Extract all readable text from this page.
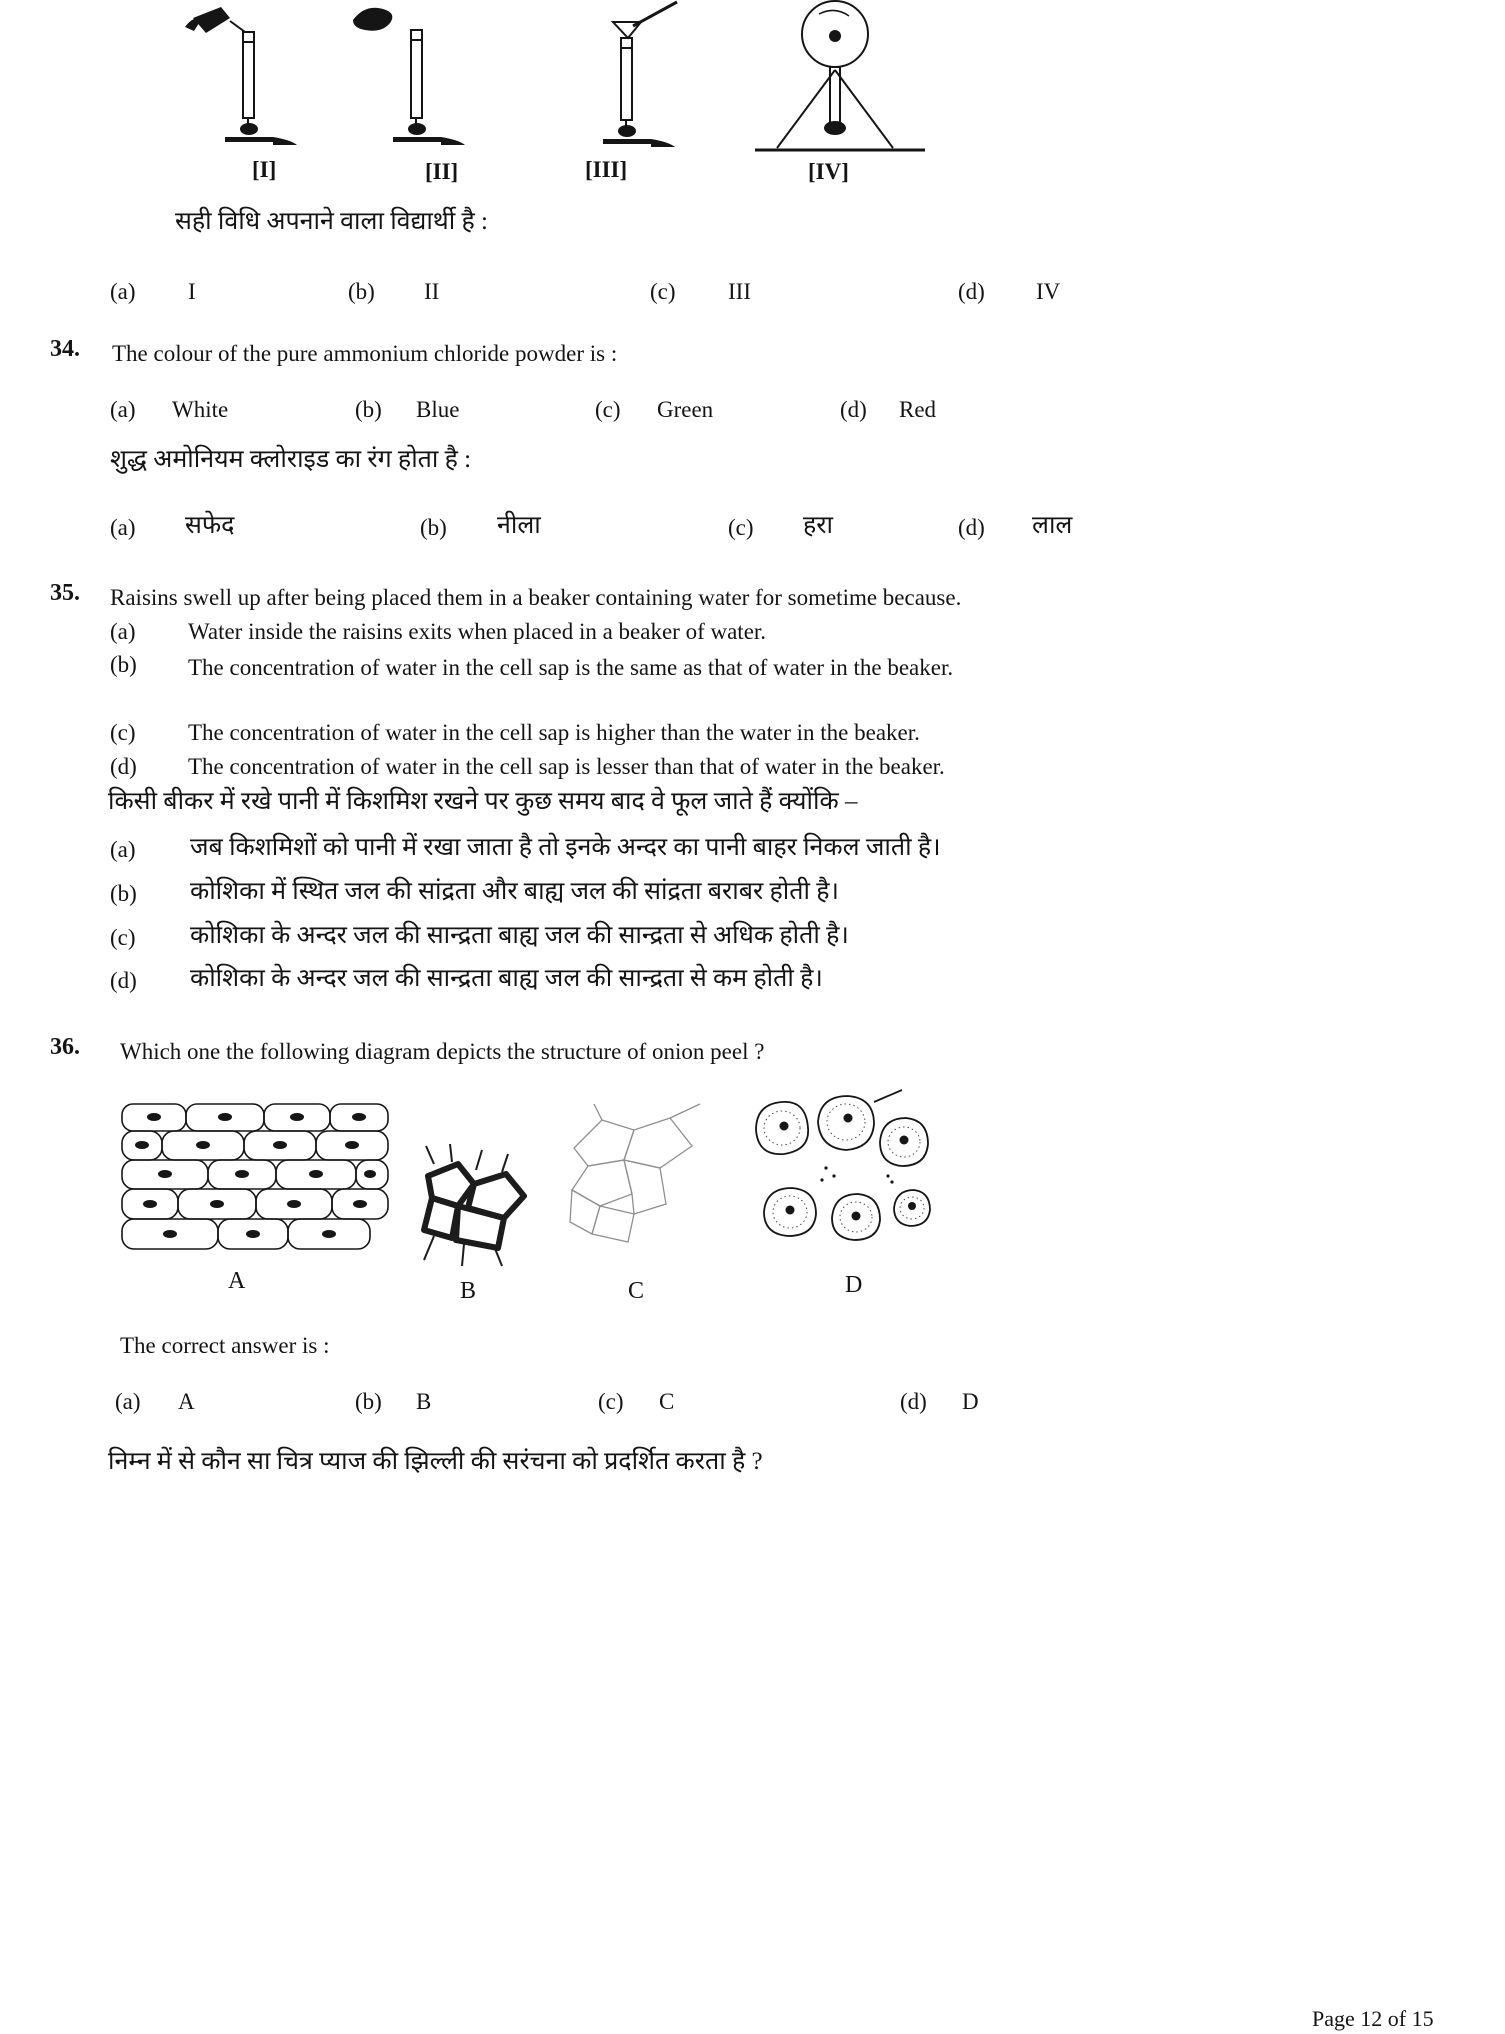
[I]	[II]	[III]	[IV]
सही विधि अपनाने वाला विद्यार्थी है :
(a) I	(b) II	(c) III	(d) IV
34. The colour of the pure ammonium chloride powder is :
(a) White	(b) Blue	(c) Green	(d) Red
शुद्ध अमोनियम क्लोराइड का रंग होता है :
(a) सफेद	(b) नीला	(c) हरा	(d) लाल
35. Raisins swell up after being placed them in a beaker containing water for sometime because.
(a) Water inside the raisins exits when placed in a beaker of water.
(b) The concentration of water in the cell sap is the same as that of water in the beaker.
(c) The concentration of water in the cell sap is higher than the water in the beaker.
(d) The concentration of water in the cell sap is lesser than that of water in the beaker.
किसी बीकर में रखे पानी में किशमिश रखने पर कुछ समय बाद वे फूल जाते हैं क्योंकि –
(a) जब किशमिशों को पानी में रखा जाता है तो इनके अन्दर का पानी बाहर निकल जाती है।
(b) कोशिका में स्थित जल की सांद्रता और बाह्य जल की सांद्रता बराबर होती है।
(c) कोशिका के अन्दर जल की सान्द्रता बाह्य जल की सान्द्रता से अधिक होती है।
(d) कोशिका के अन्दर जल की सान्द्रता बाह्य जल की सान्द्रता से कम होती है।
36. Which one the following diagram depicts the structure of onion peel ?
A	B	C	D
The correct answer is :
(a) A	(b) B	(c) C	(d) D
निम्न में से कौन सा चित्र प्याज की झिल्ली की सरंचना को प्रदर्शित करता है ?
Page 12 of 15
